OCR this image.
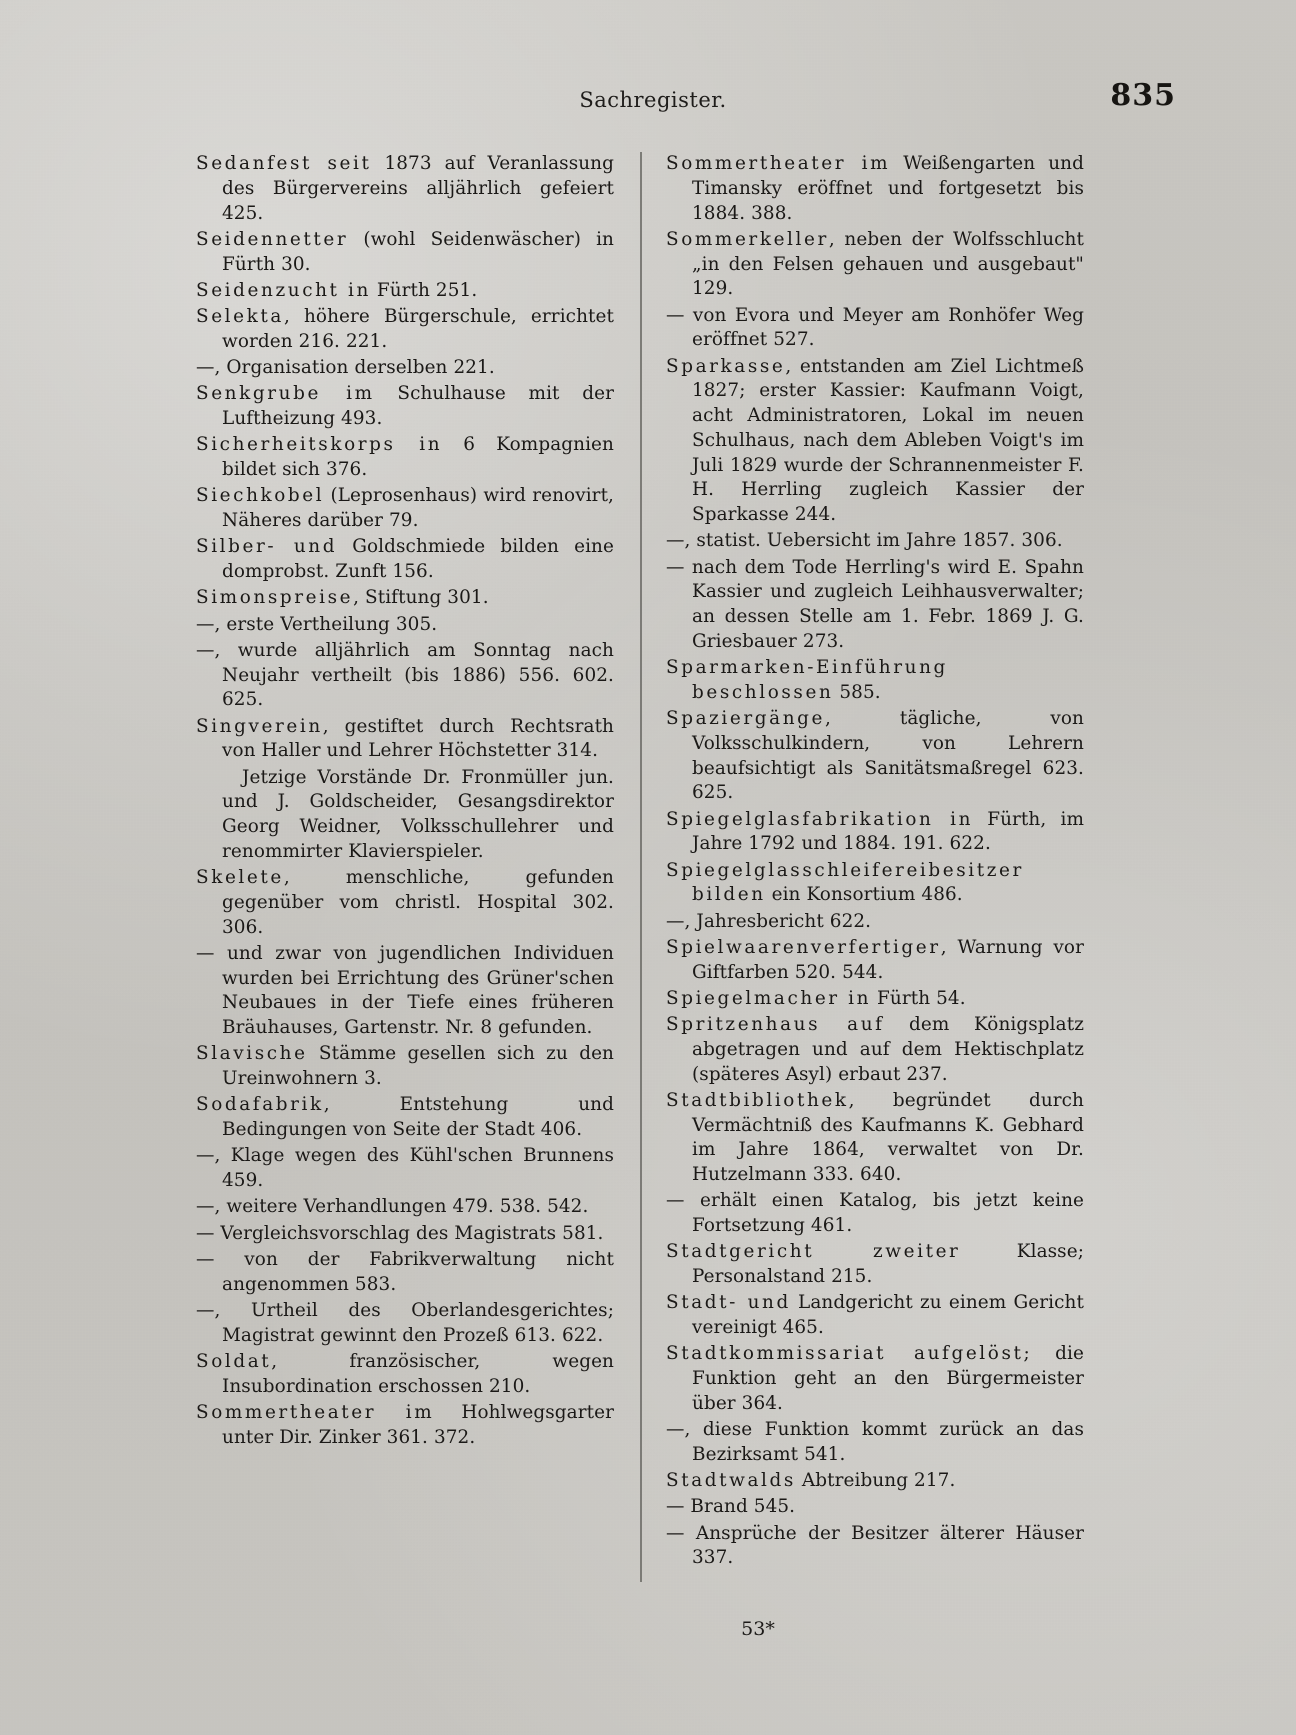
Sachregister.	835

Sedanfest seit 1873 auf Veranlassung des Bürgervereins alljährlich gefeiert 425.

Seidennetter (wohl Seidenwäscher) in Fürth 30.

Seidenzucht in Fürth 251.

Selekta, höhere Bürgerschule, errichtet worden 216. 221.

—, Organisation derselben 221.

Senkgrube im Schulhause mit der Luftheizung 493.

Sicherheitskorps in 6 Kompagnien bildet sich 376.

Siechkobel (Leprosenhaus) wird renovirt, Näheres darüber 79.

Silber- und Goldschmiede bilden eine domprobst. Zunft 156.

Simonspreise, Stiftung 301.

—, erste Vertheilung 305.

—, wurde alljährlich am Sonntag nach Neujahr vertheilt (bis 1886) 556. 602. 625.

Singverein, gestiftet durch Rechtsrath von Haller und Lehrer Höchstetter 314.

Jetzige Vorstände Dr. Fronmüller jun. und J. Goldscheider, Gesangsdirektor Georg Weidner, Volksschullehrer und renommirter Klavierspieler.

Skelete, menschliche, gefunden gegenüber vom christl. Hospital 302. 306.

— und zwar von jugendlichen Individuen wurden bei Errichtung des Grüner'schen Neubaues in der Tiefe eines früheren Bräuhauses, Gartenstr. Nr. 8 gefunden.

Slavische Stämme gesellen sich zu den Ureinwohnern 3.

Sodafabrik, Entstehung und Bedingungen von Seite der Stadt 406.

—, Klage wegen des Kühl'schen Brunnens 459.

—, weitere Verhandlungen 479. 538. 542.

— Vergleichsvorschlag des Magistrats 581.

— von der Fabrikverwaltung nicht angenommen 583.

—, Urtheil des Oberlandesgerichtes; Magistrat gewinnt den Prozeß 613. 622.

Soldat, französischer, wegen Insubordination erschossen 210.

Sommertheater im Hohlwegsgarter unter Dir. Zinker 361. 372.

Sommertheater im Weißengarten und Timansky eröffnet und fortgesetzt bis 1884. 388.

Sommerkeller, neben der Wolfsschlucht „in den Felsen gehauen und ausgebaut" 129.

— von Evora und Meyer am Ronhöfer Weg eröffnet 527.

Sparkasse, entstanden am Ziel Lichtmeß 1827; erster Kassier: Kaufmann Voigt, acht Administratoren, Lokal im neuen Schulhaus, nach dem Ableben Voigt's im Juli 1829 wurde der Schrannenmeister F. H. Herrling zugleich Kassier der Sparkasse 244.

—, statist. Uebersicht im Jahre 1857. 306.

— nach dem Tode Herrling's wird E. Spahn Kassier und zugleich Leihhausverwalter; an dessen Stelle am 1. Febr. 1869 J. G. Griesbauer 273.

Sparmarken-Einführung beschlossen 585.

Spaziergänge, tägliche, von Volksschulkindern, von Lehrern beaufsichtigt als Sanitätsmaßregel 623. 625.

Spiegelglasfabrikation in Fürth, im Jahre 1792 und 1884. 191. 622.

Spiegelglasschleifereibesitzer bilden ein Konsortium 486.

—, Jahresbericht 622.

Spielwaarenverfertiger, Warnung vor Giftfarben 520. 544.

Spiegelmacher in Fürth 54.

Spritzenhaus auf dem Königsplatz abgetragen und auf dem Hektischplatz (späteres Asyl) erbaut 237.

Stadtbibliothek, begründet durch Vermächtniß des Kaufmanns K. Gebhard im Jahre 1864, verwaltet von Dr. Hutzelmann 333. 640.

— erhält einen Katalog, bis jetzt keine Fortsetzung 461.

Stadtgericht zweiter Klasse; Personalstand 215.

Stadt- und Landgericht zu einem Gericht vereinigt 465.

Stadtkommissariat aufgelöst; die Funktion geht an den Bürgermeister über 364.

—, diese Funktion kommt zurück an das Bezirksamt 541.

Stadtwalds Abtreibung 217.

— Brand 545.

— Ansprüche der Besitzer älterer Häuser 337.

53*
